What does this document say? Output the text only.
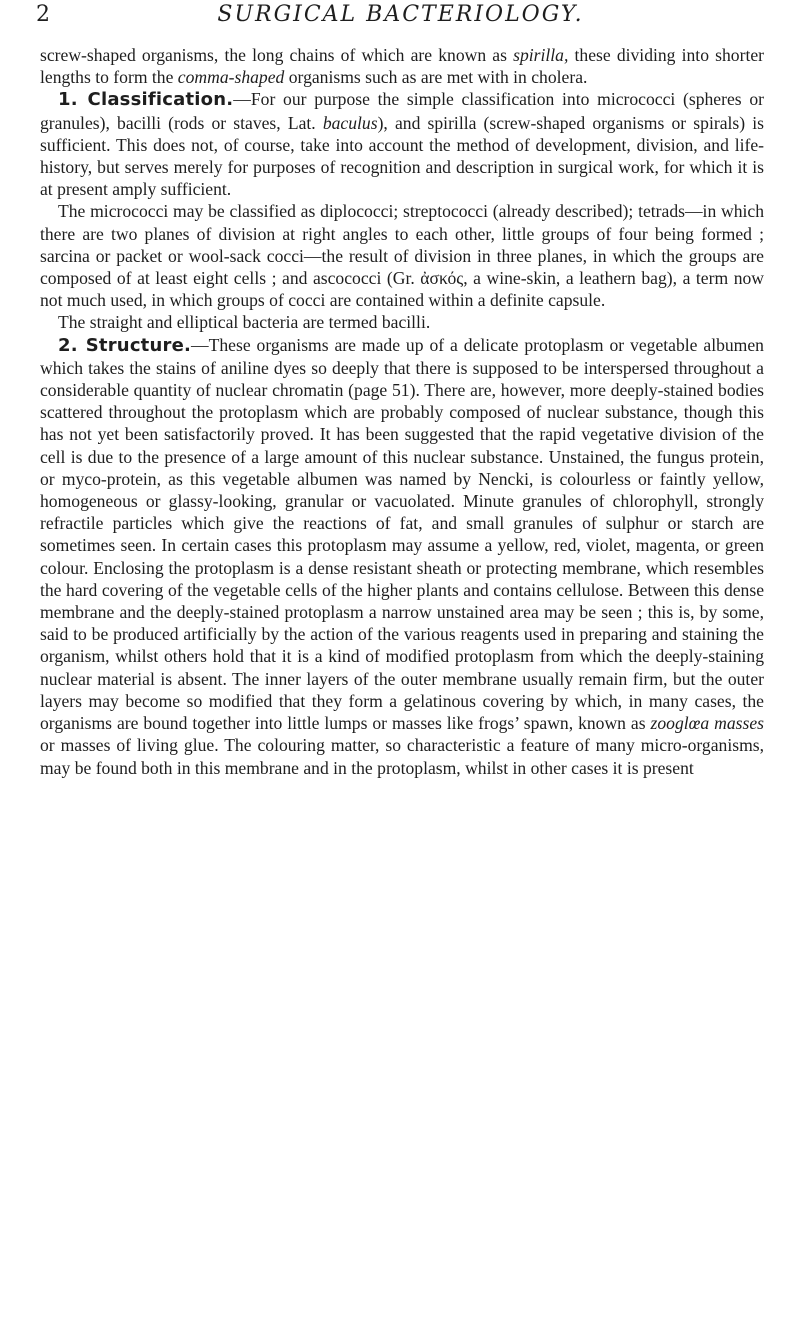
2	SURGICAL BACTERIOLOGY.

screw-shaped organisms, the long chains of which are known as spirilla, these dividing into shorter lengths to form the comma-shaped organisms such as are met with in cholera.

1. Classification.—For our purpose the simple classification into micrococci (spheres or granules), bacilli (rods or staves, Lat. baculus), and spirilla (screw-shaped organisms or spirals) is sufficient. This does not, of course, take into account the method of development, division, and life-history, but serves merely for purposes of recognition and description in surgical work, for which it is at present amply sufficient.

The micrococci may be classified as diplococci; streptococci (already described); tetrads—in which there are two planes of division at right angles to each other, little groups of four being formed ; sarcina or packet or wool-sack cocci—the result of division in three planes, in which the groups are composed of at least eight cells ; and ascococci (Gr. ἀσκός, a wine-skin, a leathern bag), a term now not much used, in which groups of cocci are contained within a definite capsule.

The straight and elliptical bacteria are termed bacilli.

2. Structure.—These organisms are made up of a delicate protoplasm or vegetable albumen which takes the stains of aniline dyes so deeply that there is supposed to be interspersed throughout a considerable quantity of nuclear chromatin (page 51). There are, however, more deeply-stained bodies scattered throughout the protoplasm which are probably composed of nuclear substance, though this has not yet been satisfactorily proved. It has been suggested that the rapid vegetative division of the cell is due to the presence of a large amount of this nuclear substance. Unstained, the fungus protein, or myco-protein, as this vegetable albumen was named by Nencki, is colourless or faintly yellow, homogeneous or glassy-looking, granular or vacuolated. Minute granules of chlorophyll, strongly refractile particles which give the reactions of fat, and small granules of sulphur or starch are sometimes seen. In certain cases this protoplasm may assume a yellow, red, violet, magenta, or green colour. Enclosing the protoplasm is a dense resistant sheath or protecting membrane, which resembles the hard covering of the vegetable cells of the higher plants and contains cellulose. Between this dense membrane and the deeply-stained protoplasm a narrow unstained area may be seen ; this is, by some, said to be produced artificially by the action of the various reagents used in preparing and staining the organism, whilst others hold that it is a kind of modified protoplasm from which the deeply-staining nuclear material is absent. The inner layers of the outer membrane usually remain firm, but the outer layers may become so modified that they form a gelatinous covering by which, in many cases, the organisms are bound together into little lumps or masses like frogs’ spawn, known as zooglœa masses or masses of living glue. The colouring matter, so characteristic a feature of many micro-organisms, may be found both in this membrane and in the protoplasm, whilst in other cases it is present
